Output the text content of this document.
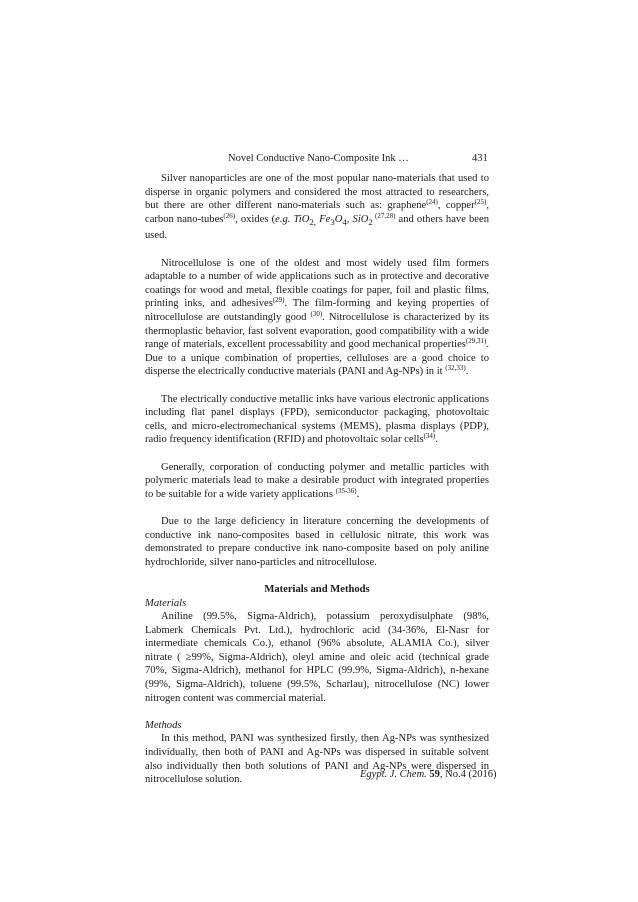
Novel Conductive Nano-Composite Ink …	431

Silver nanoparticles are one of the most popular nano-materials that used to disperse in organic polymers and considered the most attracted to researchers, but there are other different nano-materials such as: graphene$^{(24)}$, copper$^{(25)}$, carbon nano-tubes$^{(26)}$, oxides (e.g. TiO$_{2,}$ $Fe_3O_4$, SiO$_2$ $^{(27,28)}$ and others have been used.

Nitrocellulose is one of the oldest and most widely used film formers adaptable to a number of wide applications such as in protective and decorative coatings for wood and metal, flexible coatings for paper, foil and plastic films, printing inks, and adhesives$^{(29)}$. The film-forming and keying properties of nitrocellulose are outstandingly good $^{(30)}$. Nitrocellulose is characterized by its thermoplastic behavior, fast solvent evaporation, good compatibility with a wide range of materials, excellent processability and good mechanical properties$^{(29,31)}$. Due to a unique combination of properties, celluloses are a good choice to disperse the electrically conductive materials (PANI and Ag-NPs) in it $^{(32,33)}$.

The electrically conductive metallic inks have various electronic applications including flat panel displays (FPD), semiconductor packaging, photovoltaic cells, and micro-electromechanical systems (MEMS), plasma displays (PDP), radio frequency identification (RFID) and photovoltaic solar cells$^{(34)}$.

Generally, corporation of conducting polymer and metallic particles with polymeric materials lead to make a desirable product with integrated properties to be suitable for a wide variety applications $^{(35-36)}$.

Due to the large deficiency in literature concerning the developments of conductive ink nano-composites based in cellulosic nitrate, this work was demonstrated to prepare conductive ink nano-composite based on poly aniline hydrochloride, silver nano-particles and nitrocellulose.

Materials and Methods

Materials

Aniline (99.5%, Sigma-Aldrich), potassium peroxydisulphate (98%, Labmerk Chemicals Pvt. Ltd.), hydrochloric acid (34-36%, El-Nasr for intermediate chemicals Co.), ethanol (96% absolute, ALAMIA Co.), silver nitrate ( ≥99%, Sigma-Aldrich), oleyl amine and oleic acid (technical grade 70%, Sigma-Aldrich), methanol for HPLC (99.9%, Sigma-Aldrich), n-hexane (99%, Sigma-Aldrich), toluene (99.5%, Scharlau), nitrocellulose (NC) lower nitrogen content was commercial material.

Methods

In this method, PANI was synthesized firstly, then Ag-NPs was synthesized individually, then both of PANI and Ag-NPs was dispersed in suitable solvent also individually then both solutions of PANI and Ag-NPs were dispersed in nitrocellulose solution.	Egypt. J. Chem. 59, No.4 (2016)
